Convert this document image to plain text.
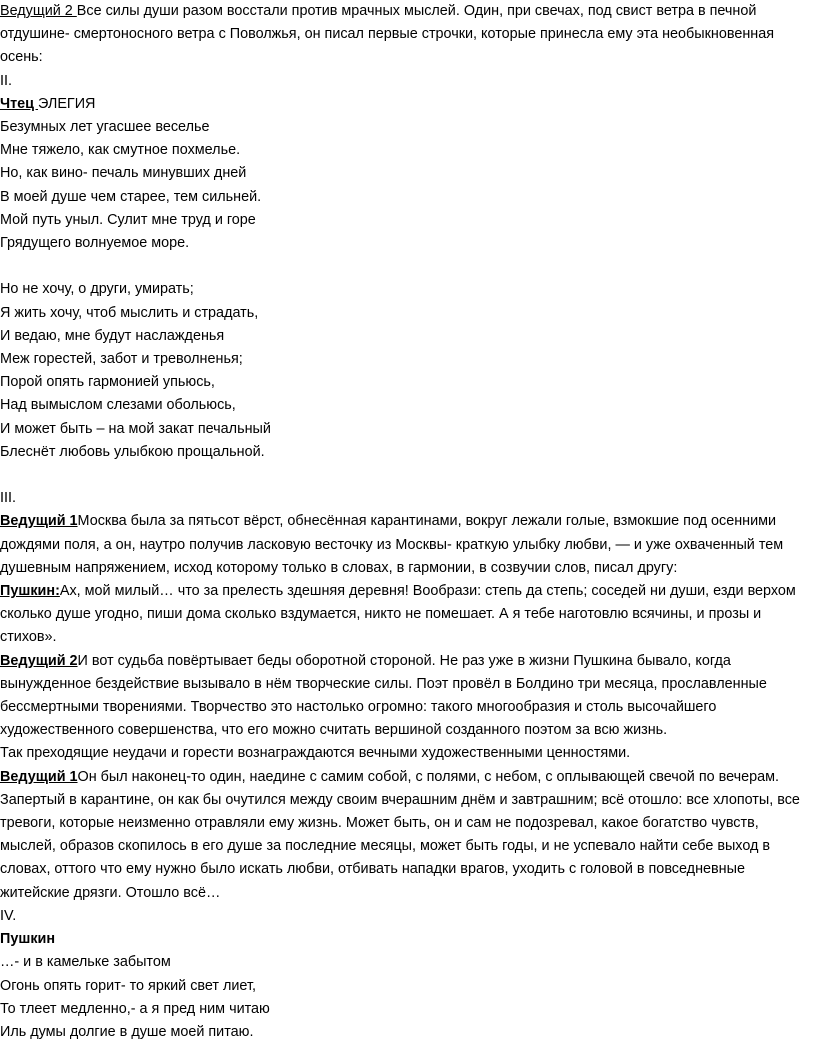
Ведущий 2 Все силы души разом восстали против мрачных мыслей. Один, при свечах, под свист ветра в печной отдушине- смертоносного ветра с Поволжья, он писал первые строчки, которые принесла ему эта необыкновенная осень:

II.

Чтец ЭЛЕГИЯ

Безумных лет угасшее веселье

Мне тяжело, как смутное похмелье.

Но, как вино- печаль минувших дней

В моей душе чем старее, тем сильней.

Мой путь уныл. Сулит мне труд и горе

Грядущего волнуемое море.

Но не хочу, о други, умирать;

Я жить хочу, чтоб мыслить и страдать,

И ведаю, мне будут наслажденья

Меж горестей, забот и треволненья;

Порой опять гармонией упьюсь,

Над вымыслом слезами обольюсь,

И может быть – на мой закат печальный

Блеснёт любовь улыбкою прощальной.

III.

Ведущий 1Москва была за пятьсот вёрст, обнесённая карантинами, вокруг лежали голые, взмокшие под осенними дождями поля, а он, наутро получив ласковую весточку из Москвы- краткую улыбку любви, — и уже охваченный тем душевным напряжением, исход которому только в словах, в гармонии, в созвучии слов, писал другу:

Пушкин:Ах, мой милый… что за прелесть здешняя деревня! Вообрази: степь да степь; соседей ни души, езди верхом сколько душе угодно, пиши дома сколько вздумается, никто не помешает. А я тебе наготовлю всячины, и прозы и стихов».

Ведущий 2И вот судьба повёртывает беды оборотной стороной. Не раз уже в жизни Пушкина бывало, когда вынужденное бездействие вызывало в нём творческие силы. Поэт провёл в Болдино три месяца, прославленные бессмертными творениями. Творчество это настолько огромно: такого многообразия и столь высочайшего художественного совершенства, что его можно считать вершиной созданного поэтом за всю жизнь.

Так преходящие неудачи и горести вознаграждаются вечными художественными ценностями.

Ведущий 1Он был наконец-то один, наедине с самим собой, с полями, с небом, с оплывающей свечой по вечерам. Запертый в карантине, он как бы очутился между своим вчерашним днём и завтрашним; всё отошло: все хлопоты, все тревоги, которые неизменно отравляли ему жизнь. Может быть, он и сам не подозревал, какое богатство чувств, мыслей, образов скопилось в его душе за последние месяцы, может быть годы, и не успевало найти себе выход в словах, оттого что ему нужно было искать любви, отбивать нападки врагов, уходить с головой в повседневные житейские дрязги. Отошло всё…

IV.

Пушкин

…- и в камельке забытом

Огонь опять горит- то яркий свет лиет,

То тлеет медленно,- а я пред ним читаю

Иль думы долгие в душе моей питаю.
